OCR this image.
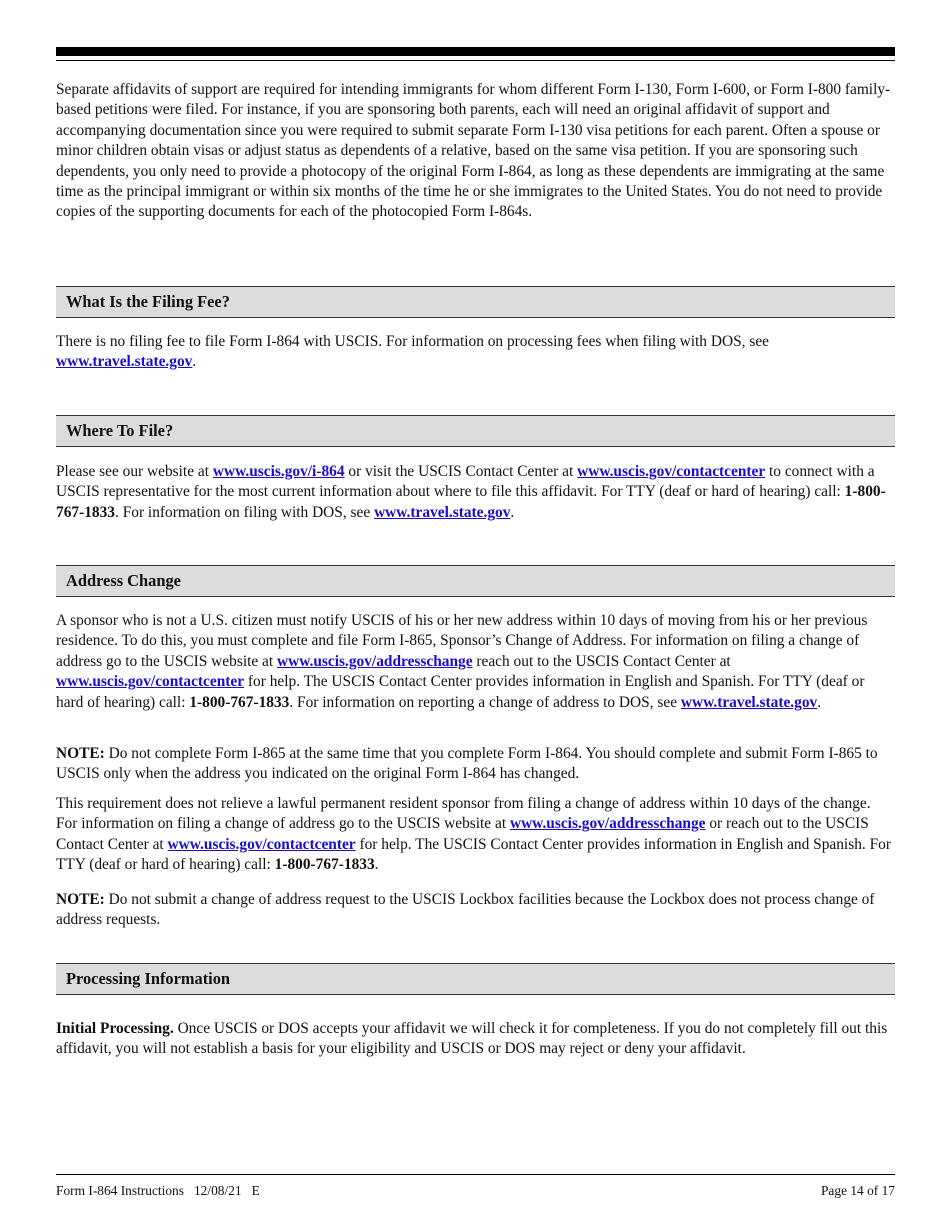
Separate affidavits of support are required for intending immigrants for whom different Form I-130, Form I-600, or Form I-800 family-based petitions were filed. For instance, if you are sponsoring both parents, each will need an original affidavit of support and accompanying documentation since you were required to submit separate Form I-130 visa petitions for each parent. Often a spouse or minor children obtain visas or adjust status as dependents of a relative, based on the same visa petition. If you are sponsoring such dependents, you only need to provide a photocopy of the original Form I-864, as long as these dependents are immigrating at the same time as the principal immigrant or within six months of the time he or she immigrates to the United States. You do not need to provide copies of the supporting documents for each of the photocopied Form I-864s.

What Is the Filing Fee?

There is no filing fee to file Form I-864 with USCIS. For information on processing fees when filing with DOS, see www.travel.state.gov.

Where To File?

Please see our website at www.uscis.gov/i-864 or visit the USCIS Contact Center at www.uscis.gov/contactcenter to connect with a USCIS representative for the most current information about where to file this affidavit. For TTY (deaf or hard of hearing) call: 1-800-767-1833. For information on filing with DOS, see www.travel.state.gov.

Address Change

A sponsor who is not a U.S. citizen must notify USCIS of his or her new address within 10 days of moving from his or her previous residence. To do this, you must complete and file Form I-865, Sponsor’s Change of Address. For information on filing a change of address go to the USCIS website at www.uscis.gov/addresschange reach out to the USCIS Contact Center at www.uscis.gov/contactcenter for help. The USCIS Contact Center provides information in English and Spanish. For TTY (deaf or hard of hearing) call: 1-800-767-1833. For information on reporting a change of address to DOS, see www.travel.state.gov.

NOTE: Do not complete Form I-865 at the same time that you complete Form I-864. You should complete and submit Form I-865 to USCIS only when the address you indicated on the original Form I-864 has changed.

This requirement does not relieve a lawful permanent resident sponsor from filing a change of address within 10 days of the change. For information on filing a change of address go to the USCIS website at www.uscis.gov/addresschange or reach out to the USCIS Contact Center at www.uscis.gov/contactcenter for help. The USCIS Contact Center provides information in English and Spanish. For TTY (deaf or hard of hearing) call: 1-800-767-1833.

NOTE: Do not submit a change of address request to the USCIS Lockbox facilities because the Lockbox does not process change of address requests.

Processing Information

Initial Processing. Once USCIS or DOS accepts your affidavit we will check it for completeness. If you do not completely fill out this affidavit, you will not establish a basis for your eligibility and USCIS or DOS may reject or deny your affidavit.

Form I-864 Instructions   12/08/21   E	Page 14 of 17
